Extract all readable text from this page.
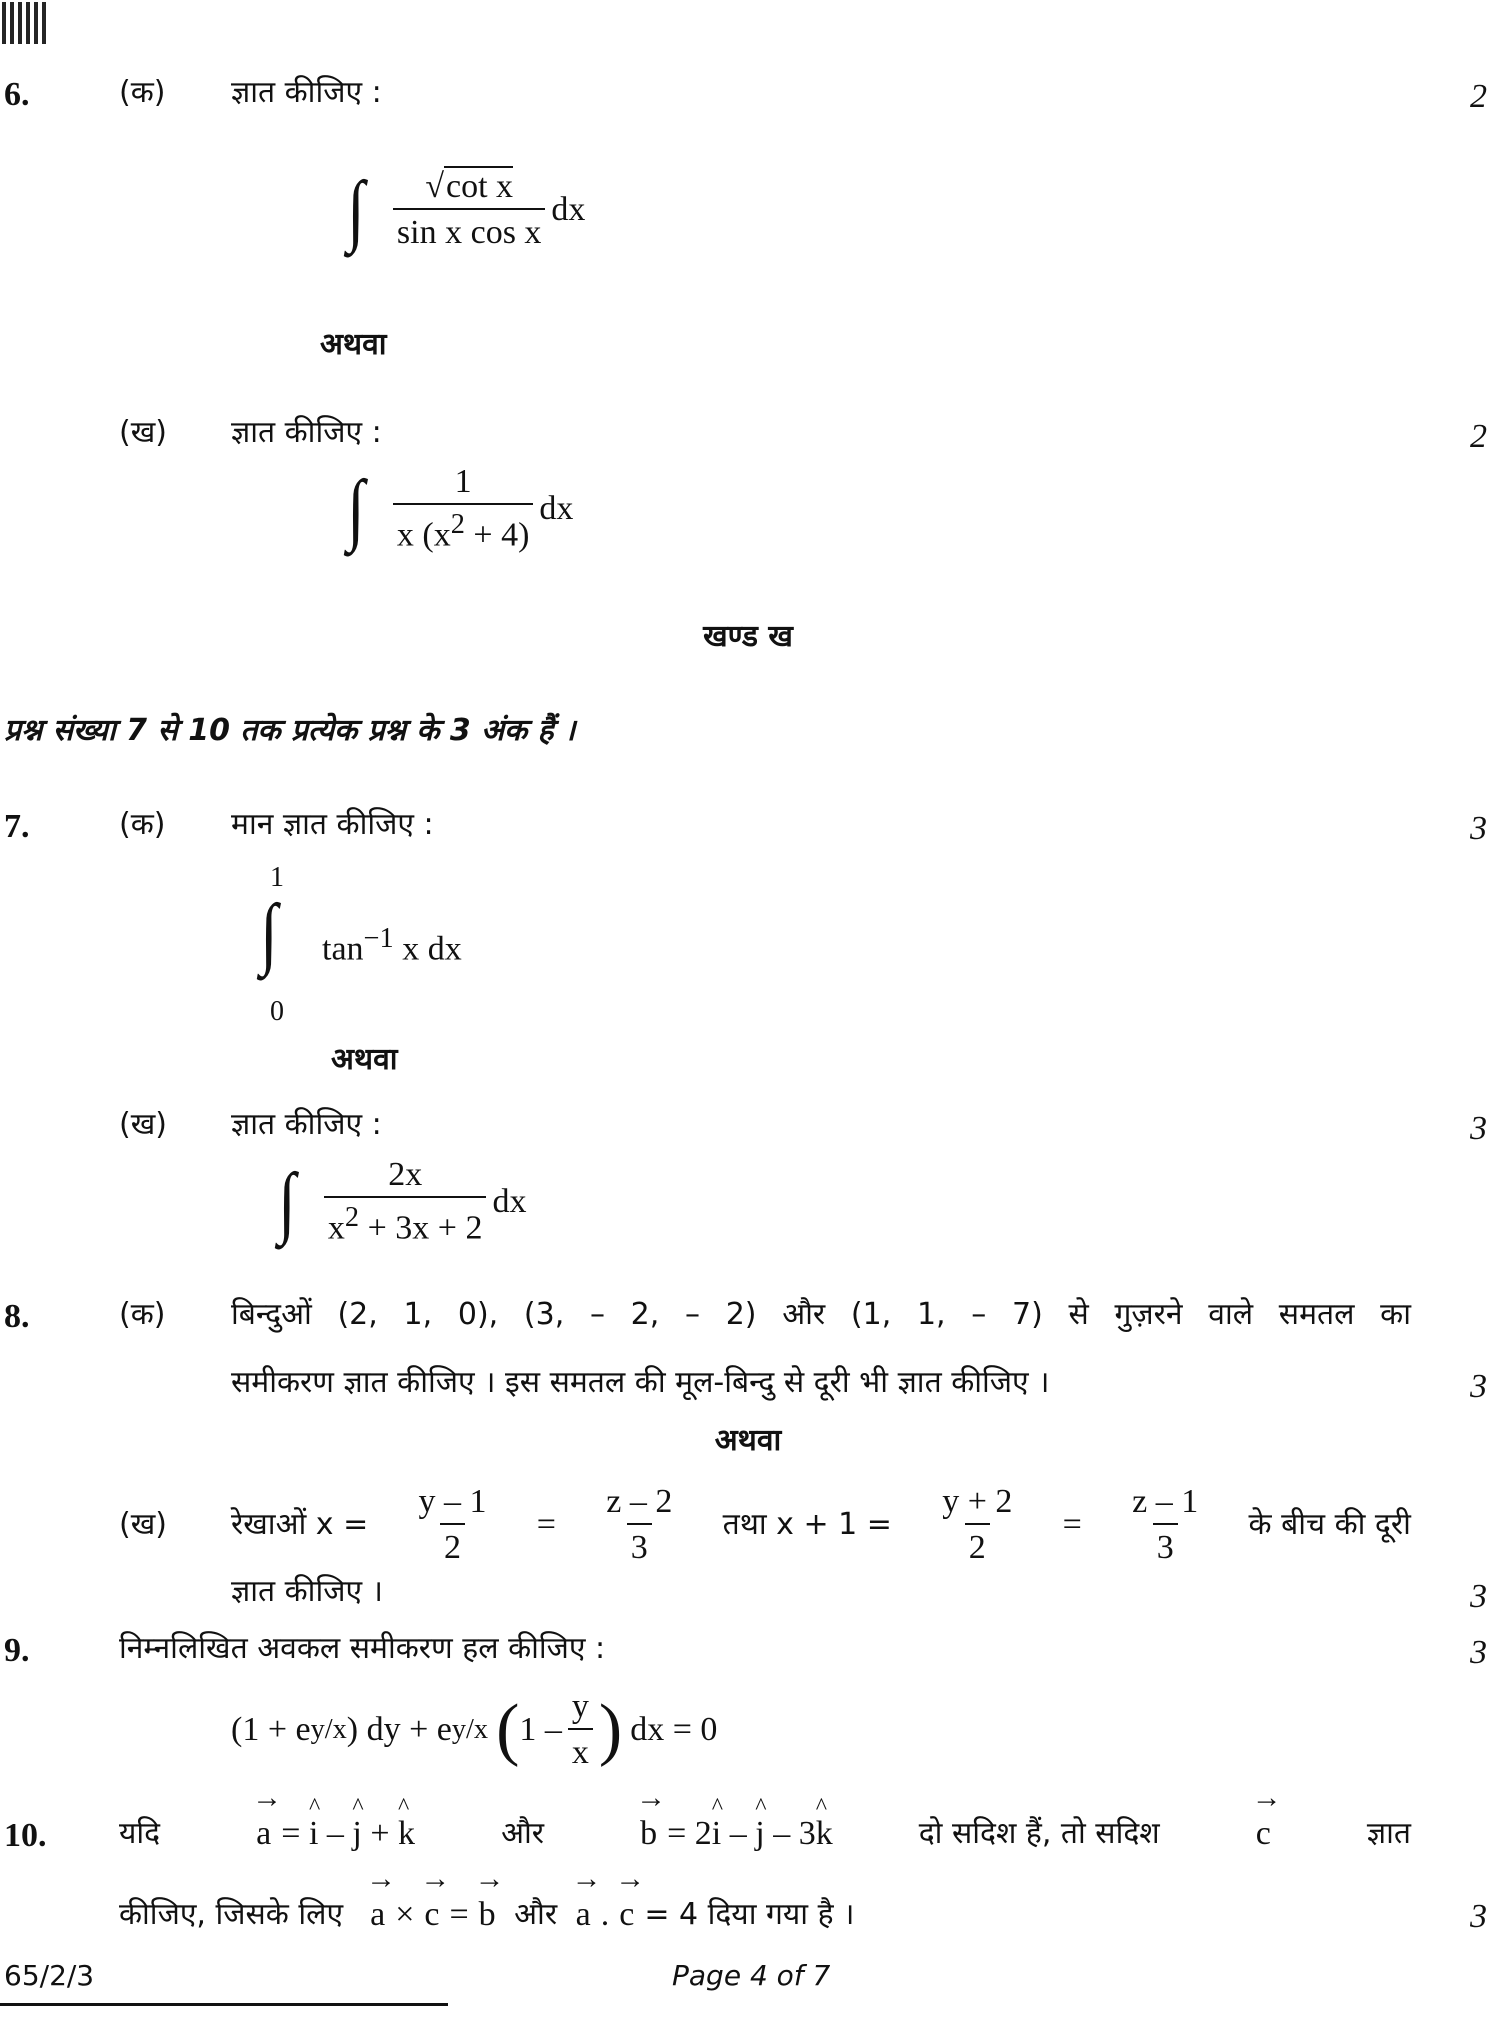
6.	(क) ज्ञात कीजिए :	2
∫ $\frac{\text{√cot x}}{\text{sin x cos x}}$ dx
अथवा
(ख) ज्ञात कीजिए :	2
∫ $\frac{1}{x (x^2 + 4)}$ dx
खण्ड ख
प्रश्न संख्या 7 से 10 तक प्रत्येक प्रश्न के 3 अंक हैं ।
7.	(क) मान ज्ञात कीजिए :	3
1
∫
0
$\tan^{-1} x$ dx
अथवा
(ख) ज्ञात कीजिए :	3
∫ $\frac{2x}{x^2 + 3x + 2}$ dx
8.	(क) बिन्दुओं (2, 1, 0), (3, – 2, – 2) और (1, 1, – 7) से गुज़रने वाले समतल का
समीकरण ज्ञात कीजिए । इस समतल की मूल-बिन्दु से दूरी भी ज्ञात कीजिए ।	3
अथवा
(ख) रेखाओं $x = \frac{y - 1}{2} = \frac{z - 2}{3}$ तथा $x + 1 = \frac{y + 2}{2} = \frac{z - 1}{3}$ के बीच की दूरी
ज्ञात कीजिए ।	3
9.	निम्नलिखित अवकल समीकरण हल कीजिए :	3
(1 + e y/x ) dy + e y/x ( $1 - \frac{y}{x}$ ) dx = 0
10. यदि	→ a = ^ i – ^ j + ^ k	और	→ b = 2^ i – ^ j – 3^ k	दो सदिश हैं, तो सदिश	→ c	ज्ञात
कीजिए, जिसके लिए
→ a × → c = → b
और
→ a . → c = 4 दिया गया है ।	3
65/2/3	Page 4 of 7
